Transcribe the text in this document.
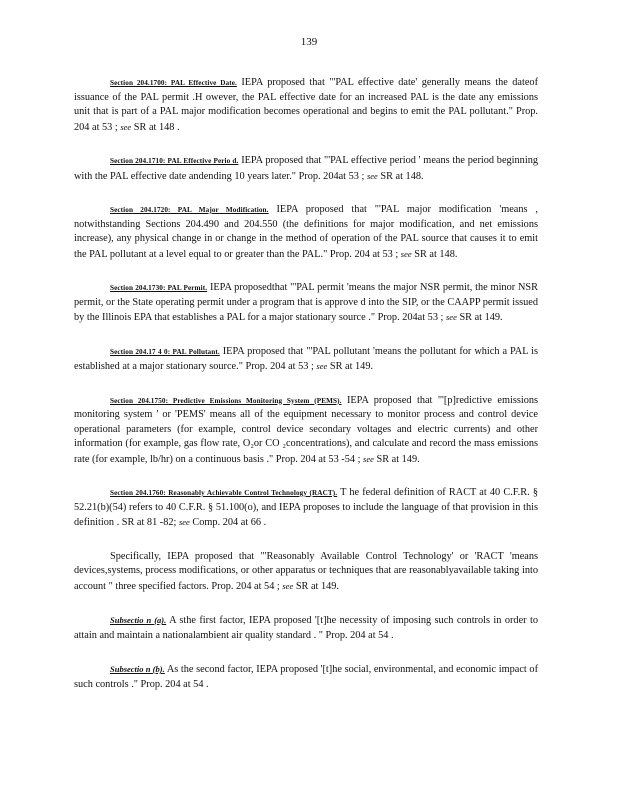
139

Section 204.1700: PAL Effective Date. IEPA proposed that "'PAL effective date' generally means the dateof issuance of the PAL permit .H owever, the PAL effective date for an increased PAL is the date any emissions unit that is part of a PAL major modification becomes operational and begins to emit the PAL pollutant." Prop. 204 at 53 ; see SR at 148 .

Section 204.1710: PAL Effective Perio d. IEPA proposed that "'PAL effective period ' means the period beginning with the PAL effective date andending 10 years later." Prop. 204at 53 ; see SR at 148.

Section 204.1720: PAL Major Modification. IEPA proposed that "'PAL major modification 'means , notwithstanding Sections 204.490 and 204.550 (the definitions for major modification, and net emissions increase), any physical change in or change in the method of operation of the PAL source that causes it to emit the PAL pollutant at a level equal to or greater than the PAL." Prop. 204 at 53 ; see SR at 148.

Section 204.1730: PAL Permit. IEPA proposedthat "'PAL permit 'means the major NSR permit, the minor NSR permit, or the State operating permit under a program that is approve d into the SIP, or the CAAPP permit issued by the Illinois EPA that establishes a PAL for a major stationary source ." Prop. 204at 53 ; see SR at 149.

Section 204.17 4 0: PAL Pollutant. IEPA proposed that "'PAL pollutant 'means the pollutant for which a PAL is established at a major stationary source." Prop. 204 at 53 ; see SR at 149.

Section 204.1750: Predictive Emissions Monitoring System (PEMS). IEPA proposed that "'[p]redictive emissions monitoring system ' or 'PEMS' means all of the equipment necessary to monitor process and control device operational parameters (for example, control device secondary voltages and electric currents) and other information (for example, gas flow rate, O₂or CO ₂concentrations), and calculate and record the mass emissions rate (for example, lb/hr) on a continuous basis ." Prop. 204 at 53 -54 ; see SR at 149.

Section 204.1760: Reasonably Achievable Control Technology (RACT). T he federal definition of RACT at 40 C.F.R. § 52.21(b)(54) refers to 40 C.F.R. § 51.100(o), and IEPA proposes to include the language of that provision in this definition . SR at 81 -82; see Comp. 204 at 66 .

Specifically, IEPA proposed that "'Reasonably Available Control Technology' or 'RACT 'means devices,systems, process modifications, or other apparatus or techniques that are reasonablyavailable taking into account " three specified factors. Prop. 204 at 54 ; see SR at 149.

Subsectio n (a). A sthe first factor, IEPA proposed '[t]he necessity of imposing such controls in order to attain and maintain a nationalambient air quality standard . " Prop. 204 at 54 .

Subsectio n (b). As the second factor, IEPA proposed '[t]he social, environmental, and economic impact of such controls ." Prop. 204 at 54 .
